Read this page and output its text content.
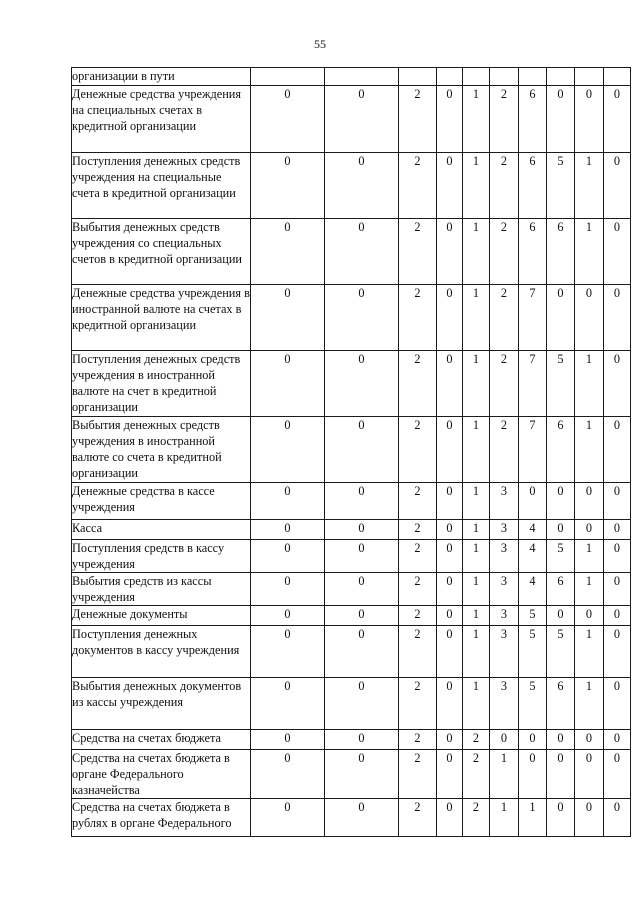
55
организации в пути										
Денежные средства учреждения на специальных счетах в кредитной организации	0	0	2	0	1	2	6	0	0	0
Поступления денежных средств учреждения на специальные счета в кредитной организации	0	0	2	0	1	2	6	5	1	0
Выбытия денежных средств учреждения со специальных счетов в кредитной организации	0	0	2	0	1	2	6	6	1	0
Денежные средства учреждения в иностранной валюте на счетах в кредитной организации	0	0	2	0	1	2	7	0	0	0
Поступления денежных средств учреждения в иностранной валюте на счет в кредитной организации	0	0	2	0	1	2	7	5	1	0
Выбытия денежных средств учреждения в иностранной валюте со счета в кредитной организации	0	0	2	0	1	2	7	6	1	0
Денежные средства в кассе учреждения	0	0	2	0	1	3	0	0	0	0
Касса	0	0	2	0	1	3	4	0	0	0
Поступления средств в кассу учреждения	0	0	2	0	1	3	4	5	1	0
Выбытия средств из кассы учреждения	0	0	2	0	1	3	4	6	1	0
Денежные документы	0	0	2	0	1	3	5	0	0	0
Поступления денежных документов в кассу учреждения	0	0	2	0	1	3	5	5	1	0
Выбытия денежных документов из кассы учреждения	0	0	2	0	1	3	5	6	1	0
Средства на счетах бюджета	0	0	2	0	2	0	0	0	0	0
Средства на счетах бюджета в органе Федерального казначейства	0	0	2	0	2	1	0	0	0	0
Средства на счетах бюджета в рублях в органе Федерального	0	0	2	0	2	1	1	0	0	0
